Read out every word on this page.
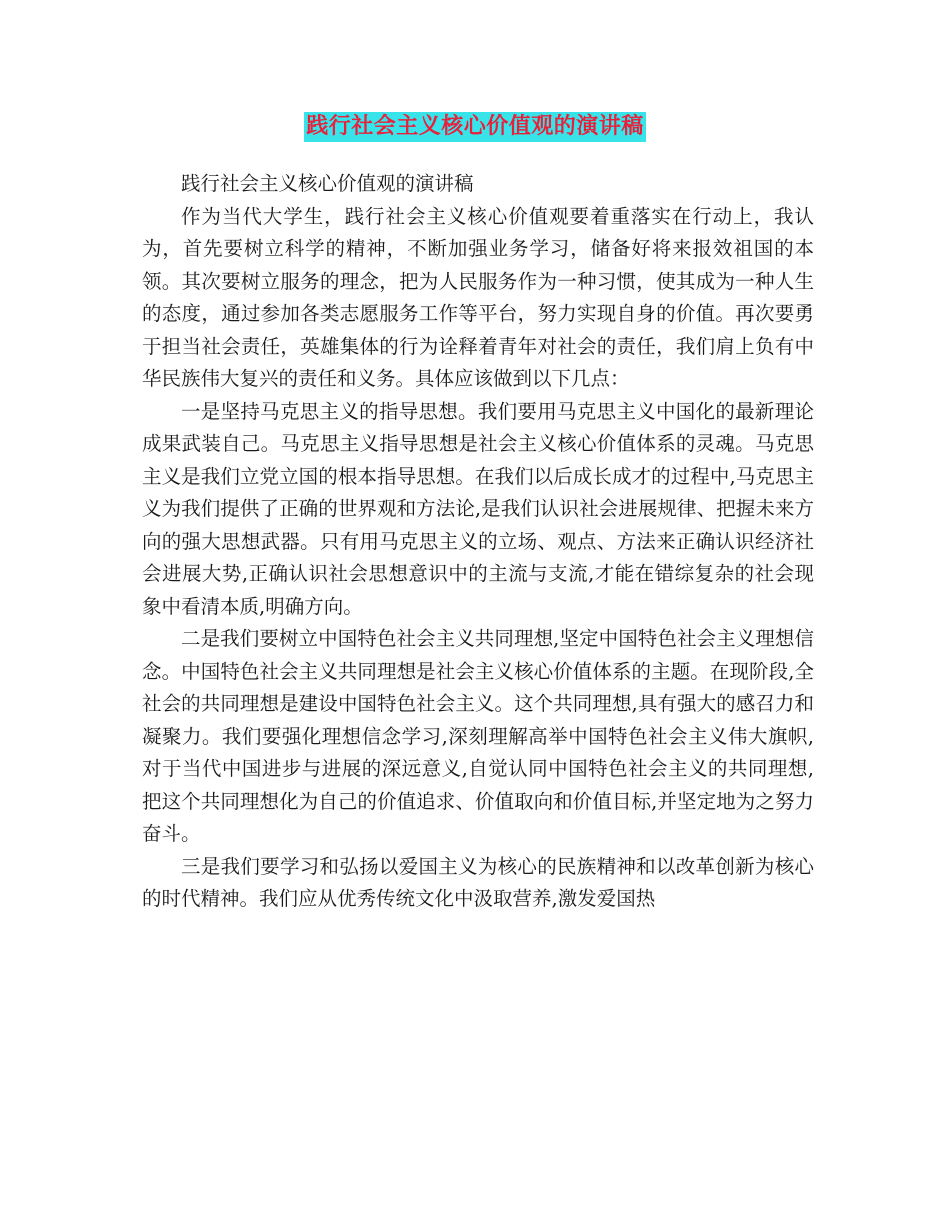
践行社会主义核心价值观的演讲稿

践行社会主义核心价值观的演讲稿

作为当代大学生，践行社会主义核心价值观要着重落实在行动上，我认为，首先要树立科学的精神，不断加强业务学习，储备好将来报效祖国的本领。其次要树立服务的理念，把为人民服务作为一种习惯，使其成为一种人生的态度，通过参加各类志愿服务工作等平台，努力实现自身的价值。再次要勇于担当社会责任，英雄集体的行为诠释着青年对社会的责任，我们肩上负有中华民族伟大复兴的责任和义务。具体应该做到以下几点：

一是坚持马克思主义的指导思想。我们要用马克思主义中国化的最新理论成果武装自己。马克思主义指导思想是社会主义核心价值体系的灵魂。马克思主义是我们立党立国的根本指导思想。在我们以后成长成才的过程中,马克思主义为我们提供了正确的世界观和方法论,是我们认识社会进展规律、把握未来方向的强大思想武器。只有用马克思主义的立场、观点、方法来正确认识经济社会进展大势,正确认识社会思想意识中的主流与支流,才能在错综复杂的社会现象中看清本质,明确方向。

二是我们要树立中国特色社会主义共同理想,坚定中国特色社会主义理想信念。中国特色社会主义共同理想是社会主义核心价值体系的主题。在现阶段,全社会的共同理想是建设中国特色社会主义。这个共同理想,具有强大的感召力和凝聚力。我们要强化理想信念学习,深刻理解高举中国特色社会主义伟大旗帜,对于当代中国进步与进展的深远意义,自觉认同中国特色社会主义的共同理想,把这个共同理想化为自己的价值追求、价值取向和价值目标,并坚定地为之努力奋斗。

三是我们要学习和弘扬以爱国主义为核心的民族精神和以改革创新为核心的时代精神。我们应从优秀传统文化中汲取营养,激发爱国热
